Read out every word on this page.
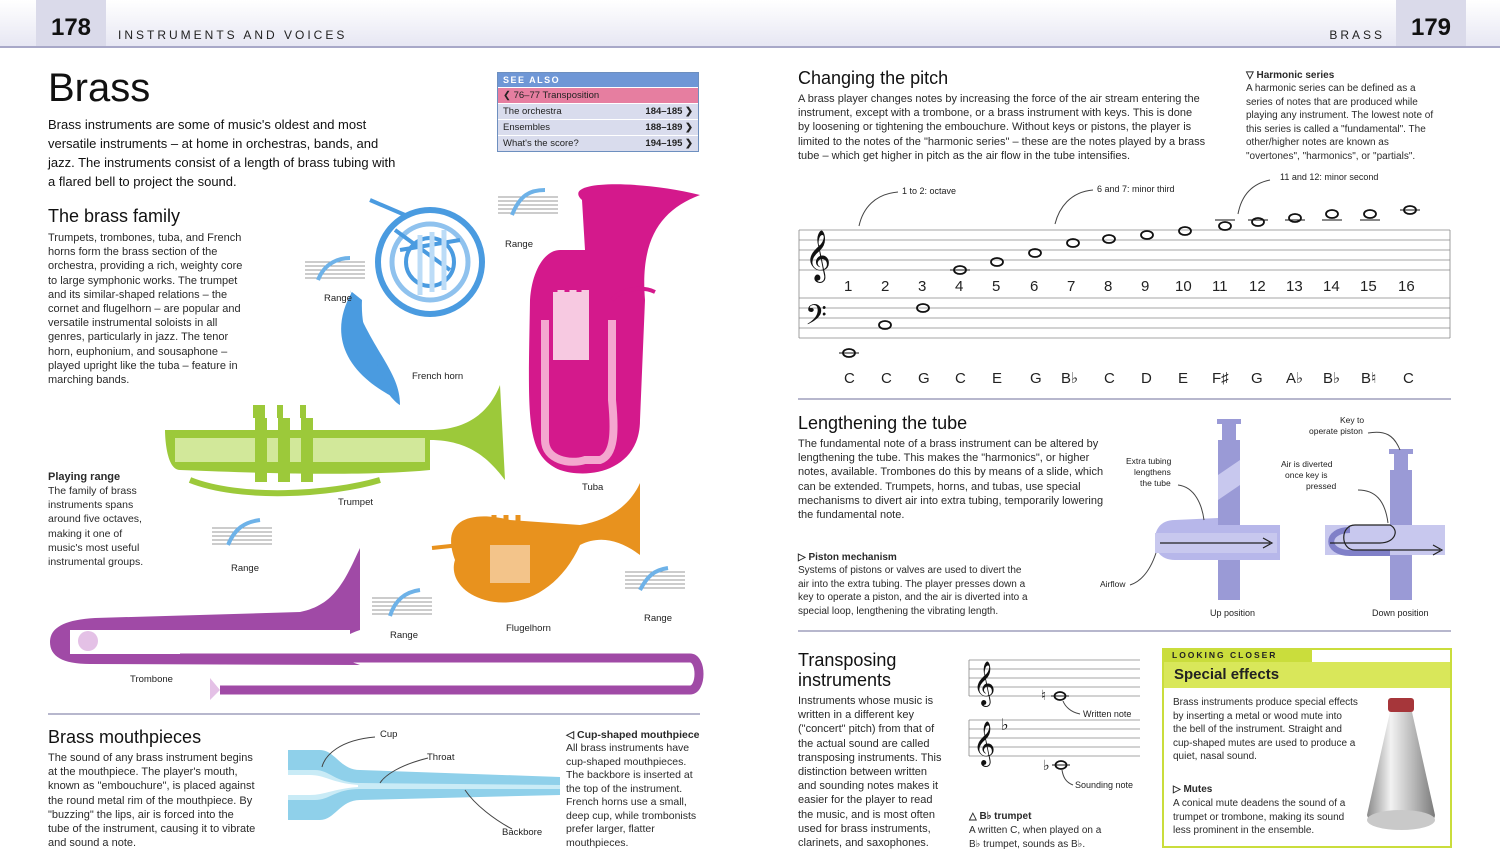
178	INSTRUMENTS AND VOICES	BRASS	179
Brass
Brass instruments are some of music's oldest and most versatile instruments – at home in orchestras, bands, and jazz. The instruments consist of a length of brass tubing with a flared bell to project the sound.
SEE ALSO
❮ 76–77 Transposition
The orchestra	184–185 ❯
Ensembles	188–189 ❯
What's the score?	194–195 ❯
The brass family
Trumpets, trombones, tuba, and French horns form the brass section of the orchestra, providing a rich, weighty core to large symphonic works. The trumpet and its similar-shaped relations – the cornet and flugelhorn – are popular and versatile instrumental soloists in all genres, particularly in jazz. The tenor horn, euphonium, and sousaphone – played upright like the tuba – feature in marching bands.
Playing range
The family of brass instruments spans around five octaves, making it one of music's most useful instrumental groups.
French horn
Trumpet
Tuba
Flugelhorn
Trombone
Range
Range
Range
Range
Range
Brass mouthpieces
The sound of any brass instrument begins at the mouthpiece. The player's mouth, known as "embouchure", is placed against the round metal rim of the mouthpiece. By "buzzing" the lips, air is forced into the tube of the instrument, causing it to vibrate and sound a note.
Cup
Throat
Backbore
◁ Cup-shaped mouthpiece
All brass instruments have cup-shaped mouthpieces. The backbore is inserted at the top of the instrument. French horns use a small, deep cup, while trombonists prefer larger, flatter mouthpieces.
Changing the pitch
A brass player changes notes by increasing the force of the air stream entering the instrument, except with a trombone, or a brass instrument with keys. This is done by loosening or tightening the embouchure. Without keys or pistons, the player is limited to the notes of the "harmonic series" – these are the notes played by a brass tube – which get higher in pitch as the air flow in the tube intensifies.
▽ Harmonic series
A harmonic series can be defined as a series of notes that are produced while playing any instrument. The lowest note of this series is called a "fundamental". The other/higher notes are known as "overtones", "harmonics", or "partials".
𝄞
𝄢
1 2 3 4 5 6 7 8 9 10 11 12 13 14 15 16
C C G C E G B♭ C D E F♯ G A♭ B♭ B♮ C
1 to 2: octave	6 and 7: minor third
11 and 12: minor second
Lengthening the tube
The fundamental note of a brass instrument can be altered by lengthening the tube. This makes the "harmonics", or higher notes, available. Trombones do this by means of a slide, which can be extended. Trumpets, horns, and tubas, use special mechanisms to divert air into extra tubing, temporarily lowering the fundamental note.
▷ Piston mechanism
Systems of pistons or valves are used to divert the air into the extra tubing. The player presses down a key to operate a piston, and the air is diverted into a special loop, lengthening the vibrating length.
Extra tubing lengthens the tube
Airflow
Up position
Key to operate piston
Air is diverted once key is pressed
Down position
Transposing instruments
Instruments whose music is written in a different key ("concert" pitch) from that of the actual sound are called transposing instruments. This distinction between written and sounding notes makes it easier for the player to read the music, and is most often used for brass instruments, clarinets, and saxophones.
𝄞
𝄞 ♭
♮
♭
Written note
Sounding note
△ B♭ trumpet
A written C, when played on a B♭ trumpet, sounds as B♭.
LOOKING CLOSER
Special effects
Brass instruments produce special effects by inserting a metal or wood mute into the bell of the instrument. Straight and cup-shaped mutes are used to produce a quiet, nasal sound.
▷ Mutes
A conical mute deadens the sound of a trumpet or trombone, making its sound less prominent in the ensemble.
